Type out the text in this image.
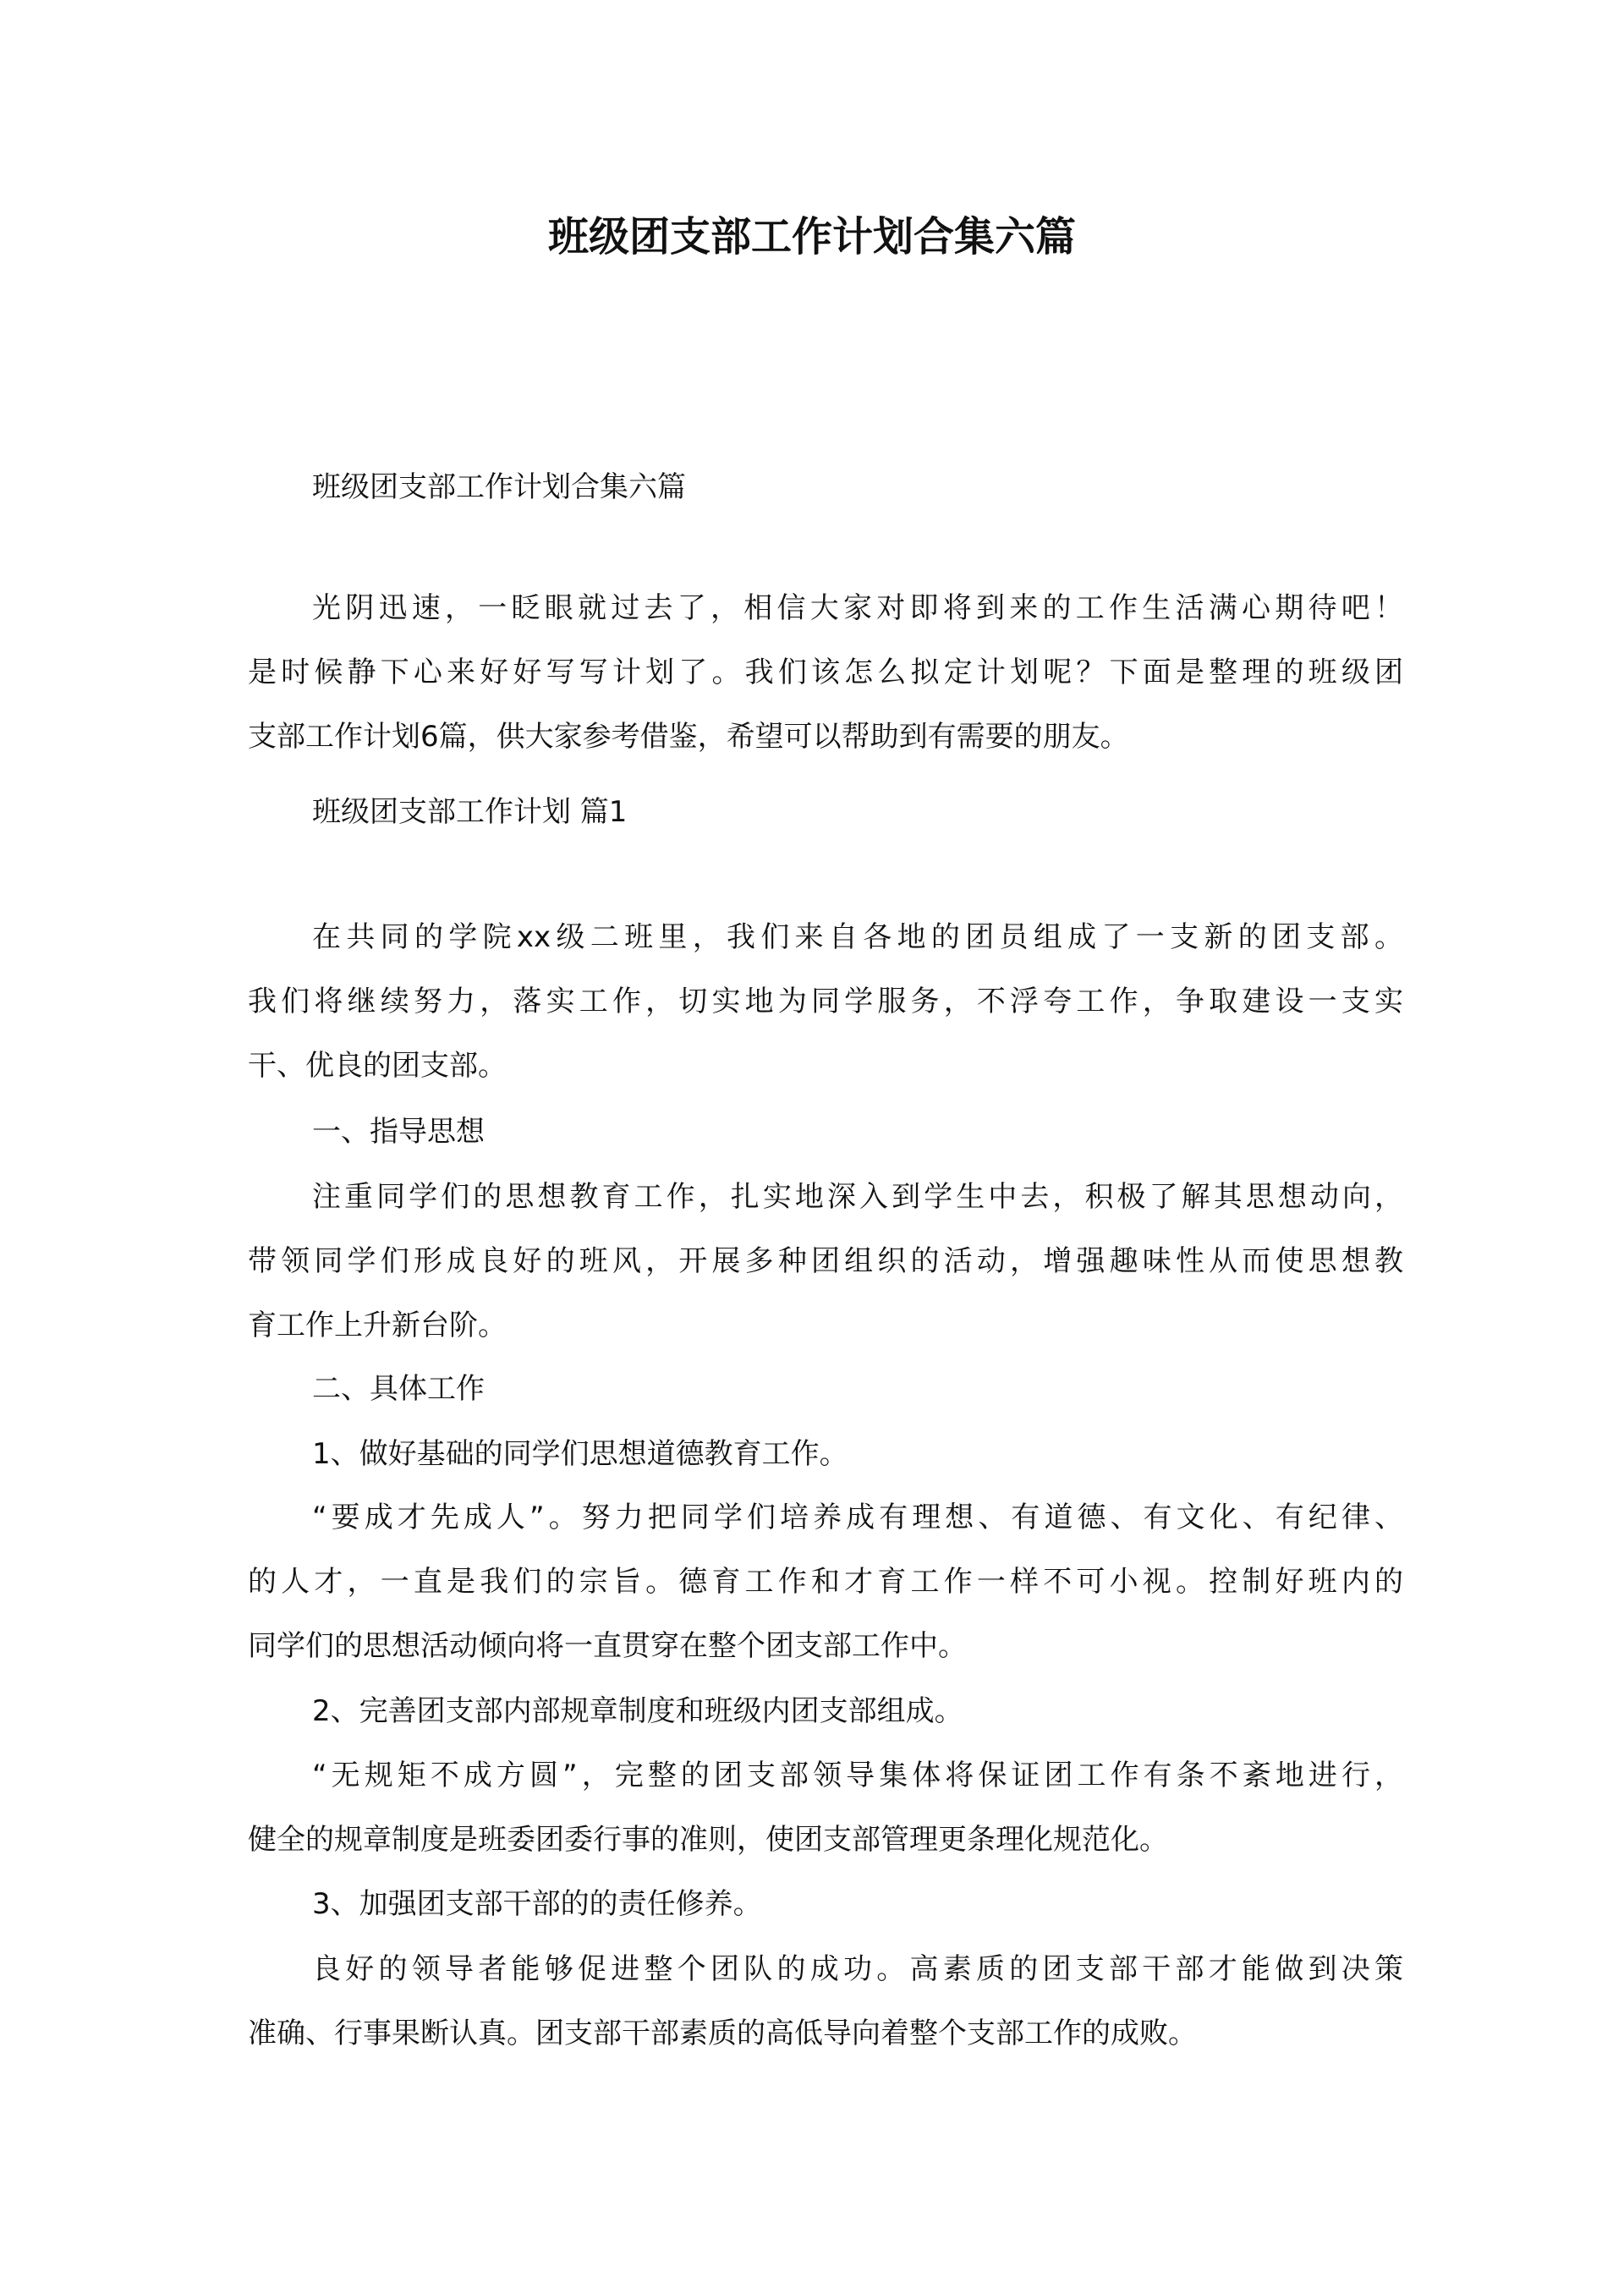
班级团支部工作计划合集六篇
班级团支部工作计划合集六篇
光阴迅速，一眨眼就过去了，相信大家对即将到来的工作生活满心期待吧！
是时候静下心来好好写写计划了。我们该怎么拟定计划呢？下面是整理的班级团
支部工作计划6篇，供大家参考借鉴，希望可以帮助到有需要的朋友。
班级团支部工作计划 篇1
在共同的学院xx级二班里，我们来自各地的团员组成了一支新的团支部。
我们将继续努力，落实工作，切实地为同学服务，不浮夸工作，争取建设一支实
干、优良的团支部。
一、指导思想
注重同学们的思想教育工作，扎实地深入到学生中去，积极了解其思想动向，
带领同学们形成良好的班风，开展多种团组织的活动，增强趣味性从而使思想教
育工作上升新台阶。
二、具体工作
1、做好基础的同学们思想道德教育工作。
“要成才先成人”。努力把同学们培养成有理想、有道德、有文化、有纪律、
的人才，一直是我们的宗旨。德育工作和才育工作一样不可小视。控制好班内的
同学们的思想活动倾向将一直贯穿在整个团支部工作中。
2、完善团支部内部规章制度和班级内团支部组成。
“无规矩不成方圆”，完整的团支部领导集体将保证团工作有条不紊地进行，
健全的规章制度是班委团委行事的准则，使团支部管理更条理化规范化。
3、加强团支部干部的的责任修养。
良好的领导者能够促进整个团队的成功。高素质的团支部干部才能做到决策
准确、行事果断认真。团支部干部素质的高低导向着整个支部工作的成败。
